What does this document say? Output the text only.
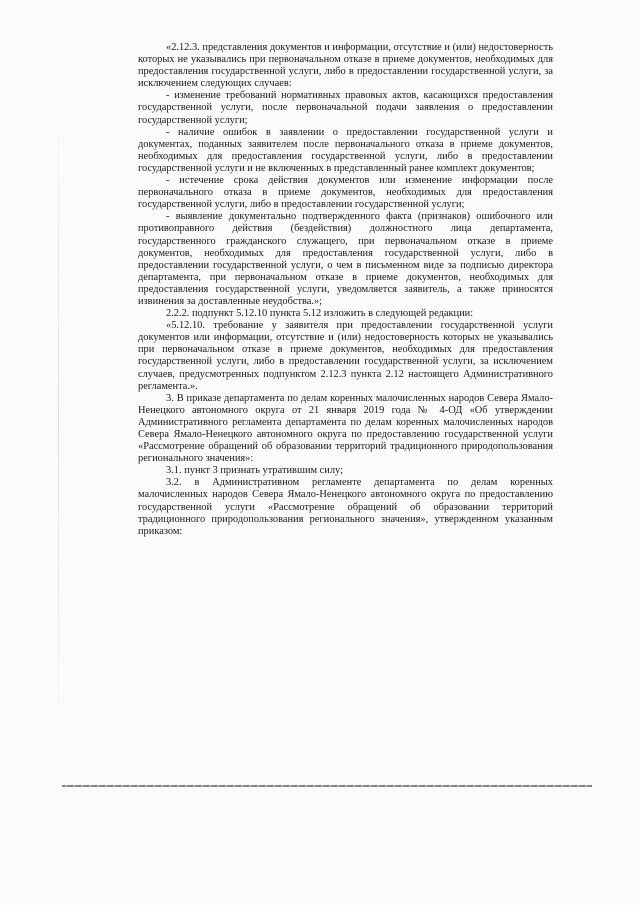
«2.12.3. представления документов и информации, отсутствие и (или) недостоверность которых не указывались при первоначальном отказе в приеме документов, необходимых для предоставления государственной услуги, либо в предоставлении государственной услуги, за исключением следующих случаев:

- изменение требований нормативных правовых актов, касающихся предоставления государственной услуги, после первоначальной подачи заявления о предоставлении государственной услуги;

- наличие ошибок в заявлении о предоставлении государственной услуги и документах, поданных заявителем после первоначального отказа в приеме документов, необходимых для предоставления государственной услуги, либо в предоставлении государственной услуги и не включенных в представленный ранее комплект документов;

- истечение срока действия документов или изменение информации после первоначального отказа в приеме документов, необходимых для предоставления государственной услуги, либо в предоставлении государственной услуги;

- выявление документально подтвержденного факта (признаков) ошибочного или противоправного действия (бездействия) должностного лица департамента, государственного гражданского служащего, при первоначальном отказе в приеме документов, необходимых для предоставления государственной услуги, либо в предоставлении государственной услуги, о чем в письменном виде за подписью директора департамента, при первоначальном отказе в приеме документов, необходимых для предоставления государственной услуги, уведомляется заявитель, а также приносятся извинения за доставленные неудобства.»;

2.2.2. подпункт 5.12.10 пункта 5.12 изложить в следующей редакции:

«5.12.10. требование у заявителя при предоставлении государственной услуги документов или информации, отсутствие и (или) недостоверность которых не указывались при первоначальном отказе в приеме документов, необходимых для предоставления государственной услуги, либо в предоставлении государственной услуги, за исключением случаев, предусмотренных подпунктом 2.12.3 пункта 2.12 настоящего Административного регламента.».

3. В приказе департамента по делам коренных малочисленных народов Севера Ямало-Ненецкого автономного округа от 21 января 2019 года № 4-ОД «Об утверждении Административного регламента департамента по делам коренных малочисленных народов Севера Ямало-Ненецкого автономного округа по предоставлению государственной услуги «Рассмотрение обращений об образовании территорий традиционного природопользования регионального значения»:

3.1. пункт 3 признать утратившим силу;

3.2. в Административном регламенте департамента по делам коренных малочисленных народов Севера Ямало-Ненецкого автономного округа по предоставлению государственной услуги «Рассмотрение обращений об образовании территорий традиционного природопользования регионального значения», утвержденном указанным приказом:
